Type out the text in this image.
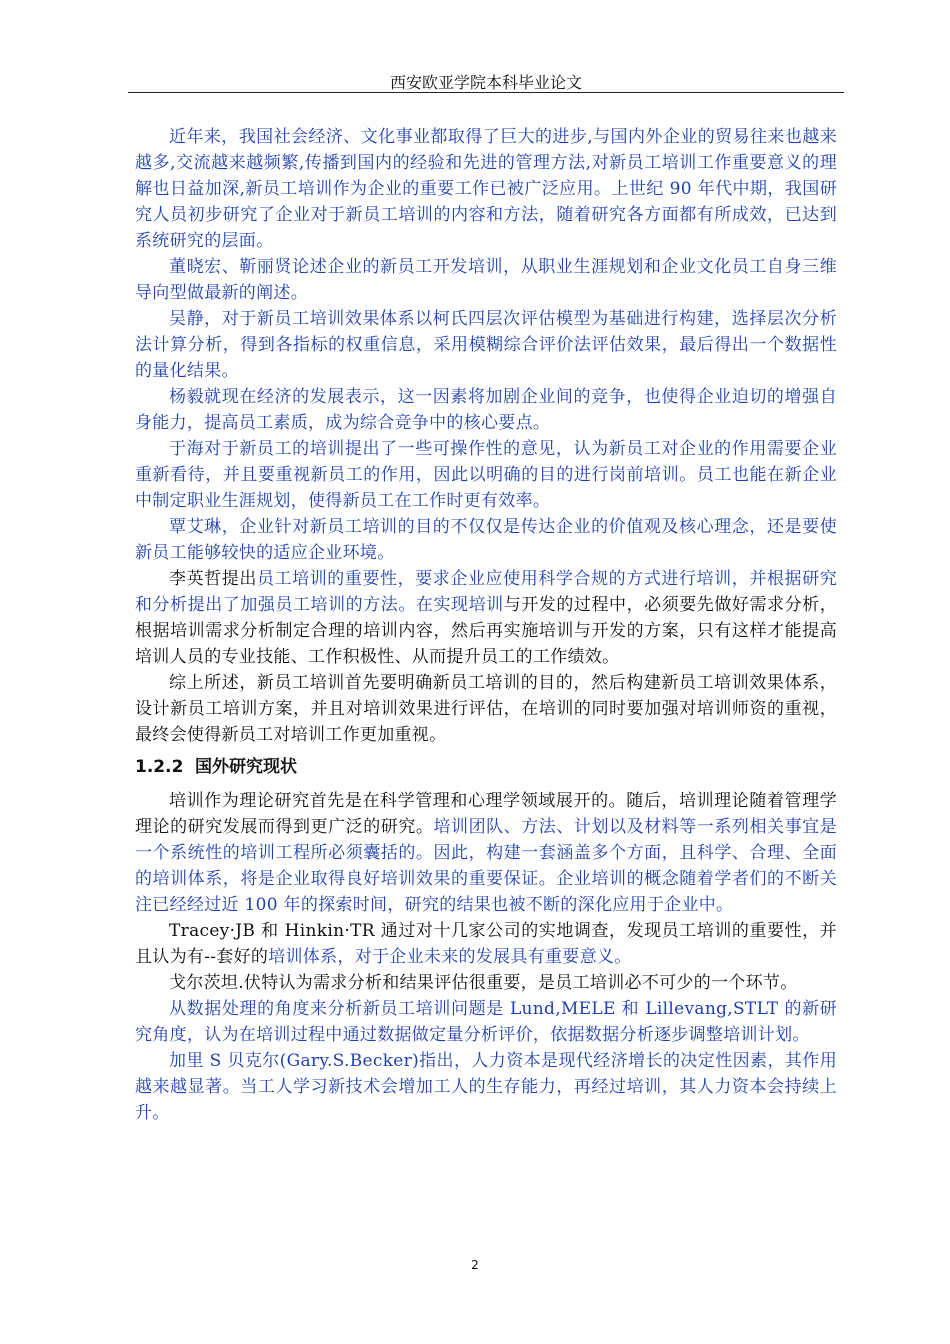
西安欧亚学院本科毕业论文

近年来，我国社会经济、文化事业都取得了巨大的进步,与国内外企业的贸易往来也越来越多,交流越来越频繁,传播到国内的经验和先进的管理方法,对新员工培训工作重要意义的理解也日益加深,新员工培训作为企业的重要工作已被广泛应用。上世纪 90 年代中期，我国研究人员初步研究了企业对于新员工培训的内容和方法，随着研究各方面都有所成效，已达到系统研究的层面。

董晓宏、靳丽贤论述企业的新员工开发培训，从职业生涯规划和企业文化员工自身三维导向型做最新的阐述。

吴静，对于新员工培训效果体系以柯氏四层次评估模型为基础进行构建，选择层次分析法计算分析，得到各指标的权重信息，采用模糊综合评价法评估效果，最后得出一个数据性的量化结果。

杨毅就现在经济的发展表示，这一因素将加剧企业间的竞争，也使得企业迫切的增强自身能力，提高员工素质，成为综合竞争中的核心要点。

于海对于新员工的培训提出了一些可操作性的意见，认为新员工对企业的作用需要企业重新看待，并且要重视新员工的作用，因此以明确的目的进行岗前培训。员工也能在新企业中制定职业生涯规划，使得新员工在工作时更有效率。

覃艾琳，企业针对新员工培训的目的不仅仅是传达企业的价值观及核心理念，还是要使新员工能够较快的适应企业环境。

李英哲提出员工培训的重要性，要求企业应使用科学合规的方式进行培训，并根据研究和分析提出了加强员工培训的方法。在实现培训与开发的过程中，必须要先做好需求分析，根据培训需求分析制定合理的培训内容，然后再实施培训与开发的方案，只有这样才能提高培训人员的专业技能、工作积极性、从而提升员工的工作绩效。

综上所述，新员工培训首先要明确新员工培训的目的，然后构建新员工培训效果体系，设计新员工培训方案，并且对培训效果进行评估，在培训的同时要加强对培训师资的重视，最终会使得新员工对培训工作更加重视。

1.2.2 国外研究现状

培训作为理论研究首先是在科学管理和心理学领域展开的。随后，培训理论随着管理学理论的研究发展而得到更广泛的研究。培训团队、方法、计划以及材料等一系列相关事宜是一个系统性的培训工程所必须囊括的。因此，构建一套涵盖多个方面，且科学、合理、全面的培训体系，将是企业取得良好培训效果的重要保证。企业培训的概念随着学者们的不断关注已经经过近 100 年的探索时间，研究的结果也被不断的深化应用于企业中。

Tracey·JB 和 Hinkin·TR 通过对十几家公司的实地调查，发现员工培训的重要性，并且认为有--套好的培训体系，对于企业未来的发展具有重要意义。

戈尔茨坦.伏特认为需求分析和结果评估很重要，是员工培训必不可少的一个环节。

从数据处理的角度来分析新员工培训问题是 Lund,MELE 和 Lillevang,STLT 的新研究角度，认为在培训过程中通过数据做定量分析评价，依据数据分析逐步调整培训计划。

加里 S 贝克尔(Gary.S.Becker)指出，人力资本是现代经济增长的决定性因素，其作用越来越显著。当工人学习新技术会增加工人的生存能力，再经过培训，其人力资本会持续上升。

2
